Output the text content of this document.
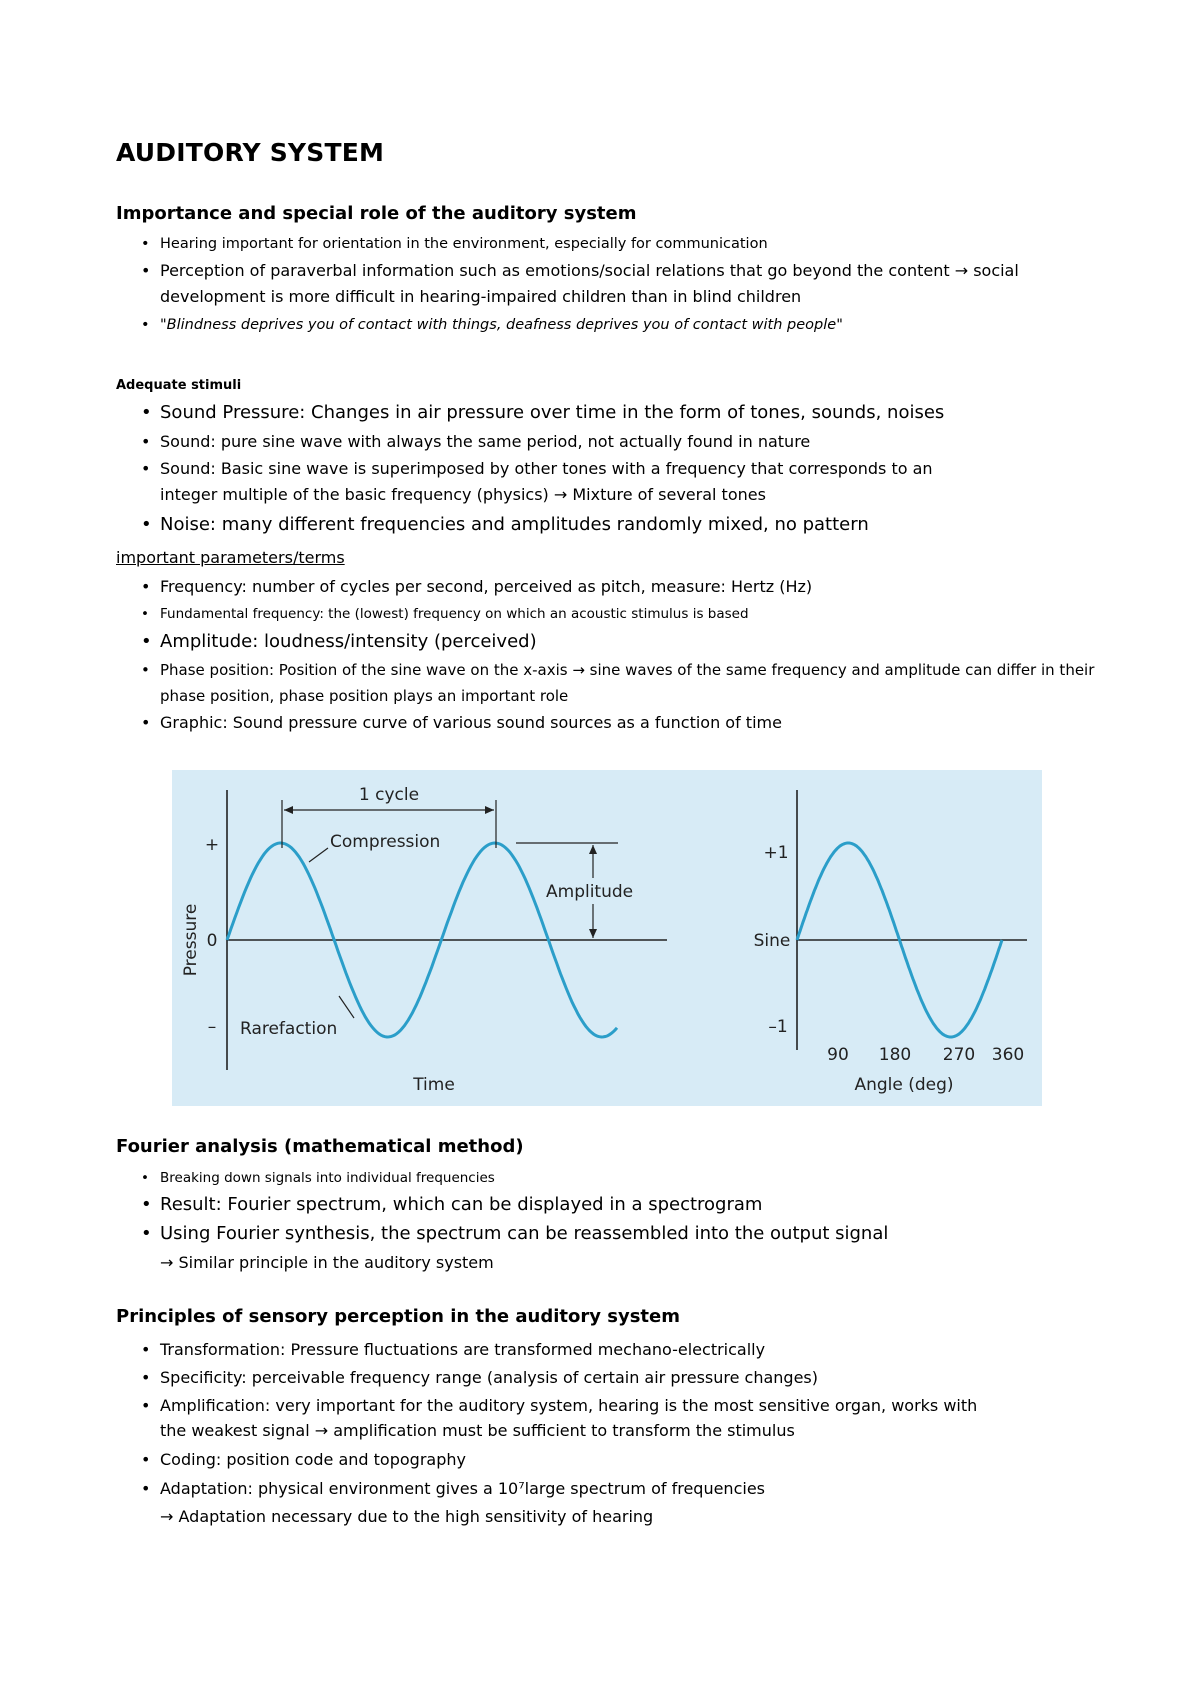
AUDITORY SYSTEM

Importance and special role of the auditory system

• Hearing important for orientation in the environment, especially for communication
• Perception of paraverbal information such as emotions/social relations that go beyond the content → social development is more difficult in hearing-impaired children than in blind children
• "Blindness deprives you of contact with things, deafness deprives you of contact with people"

Adequate stimuli

• Sound Pressure: Changes in air pressure over time in the form of tones, sounds, noises
• Sound: pure sine wave with always the same period, not actually found in nature
• Sound: Basic sine wave is superimposed by other tones with a frequency that corresponds to an integer multiple of the basic frequency (physics) → Mixture of several tones
• Noise: many different frequencies and amplitudes randomly mixed, no pattern

important parameters/terms

• Frequency: number of cycles per second, perceived as pitch, measure: Hertz (Hz)
• Fundamental frequency: the (lowest) frequency on which an acoustic stimulus is based
• Amplitude: loudness/intensity (perceived)
• Phase position: Position of the sine wave on the x-axis → sine waves of the same frequency and amplitude can differ in their phase position, phase position plays an important role
• Graphic: Sound pressure curve of various sound sources as a function of time
1 cycle
Compression
Amplitude
Rarefaction
+
0
–
Pressure
Time
+1
Sine
–1
90 180 270 360
Angle (deg)

Fourier analysis (mathematical method)

• Breaking down signals into individual frequencies
• Result: Fourier spectrum, which can be displayed in a spectrogram
• Using Fourier synthesis, the spectrum can be reassembled into the output signal

→ Similar principle in the auditory system

Principles of sensory perception in the auditory system

• Transformation: Pressure fluctuations are transformed mechano-electrically
• Specificity: perceivable frequency range (analysis of certain air pressure changes)
• Amplification: very important for the auditory system, hearing is the most sensitive organ, works with

the weakest signal → amplification must be sufficient to transform the stimulus

• Coding: position code and topography
• Adaptation: physical environment gives a 10⁷large spectrum of frequencies

→ Adaptation necessary due to the high sensitivity of hearing
